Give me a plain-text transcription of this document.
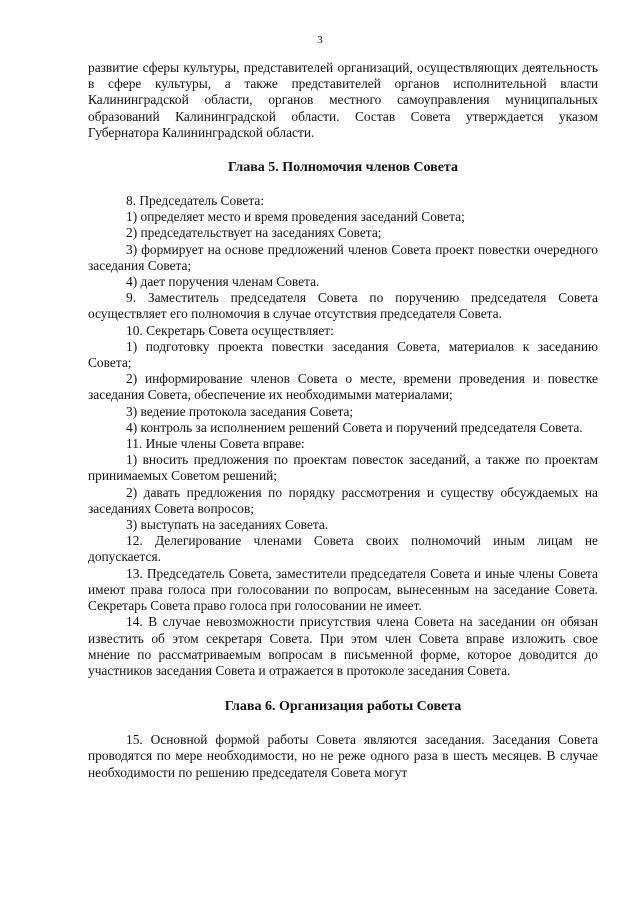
3

развитие сферы культуры, представителей организаций, осуществляющих деятельность в сфере культуры, а также представителей органов исполнительной власти Калининградской области, органов местного самоуправления муниципальных образований Калининградской области. Состав Совета утверждается указом Губернатора Калининградской области.

Глава 5. Полномочия членов Совета

8. Председатель Совета:

1) определяет место и время проведения заседаний Совета;

2) председательствует на заседаниях Совета;

3) формирует на основе предложений членов Совета проект повестки очередного заседания Совета;

4) дает поручения членам Совета.

9. Заместитель председателя Совета по поручению председателя Совета осуществляет его полномочия в случае отсутствия председателя Совета.

10. Секретарь Совета осуществляет:

1) подготовку проекта повестки заседания Совета, материалов к заседанию Совета;

2) информирование членов Совета о месте, времени проведения и повестке заседания Совета, обеспечение их необходимыми материалами;

3) ведение протокола заседания Совета;

4) контроль за исполнением решений Совета и поручений председателя Совета.

11. Иные члены Совета вправе:

1) вносить предложения по проектам повесток заседаний, а также по проектам принимаемых Советом решений;

2) давать предложения по порядку рассмотрения и существу обсуждаемых на заседаниях Совета вопросов;

3) выступать на заседаниях Совета.

12. Делегирование членами Совета своих полномочий иным лицам не допускается.

13. Председатель Совета, заместители председателя Совета и иные члены Совета имеют права голоса при голосовании по вопросам, вынесенным на заседание Совета. Секретарь Совета право голоса при голосовании не имеет.

14. В случае невозможности присутствия члена Совета на заседании он обязан известить об этом секретаря Совета. При этом член Совета вправе изложить свое мнение по рассматриваемым вопросам в письменной форме, которое доводится до участников заседания Совета и отражается в протоколе заседания Совета.

Глава 6. Организация работы Совета

15. Основной формой работы Совета являются заседания. Заседания Совета проводятся по мере необходимости, но не реже одного раза в шесть месяцев. В случае необходимости по решению председателя Совета могут
